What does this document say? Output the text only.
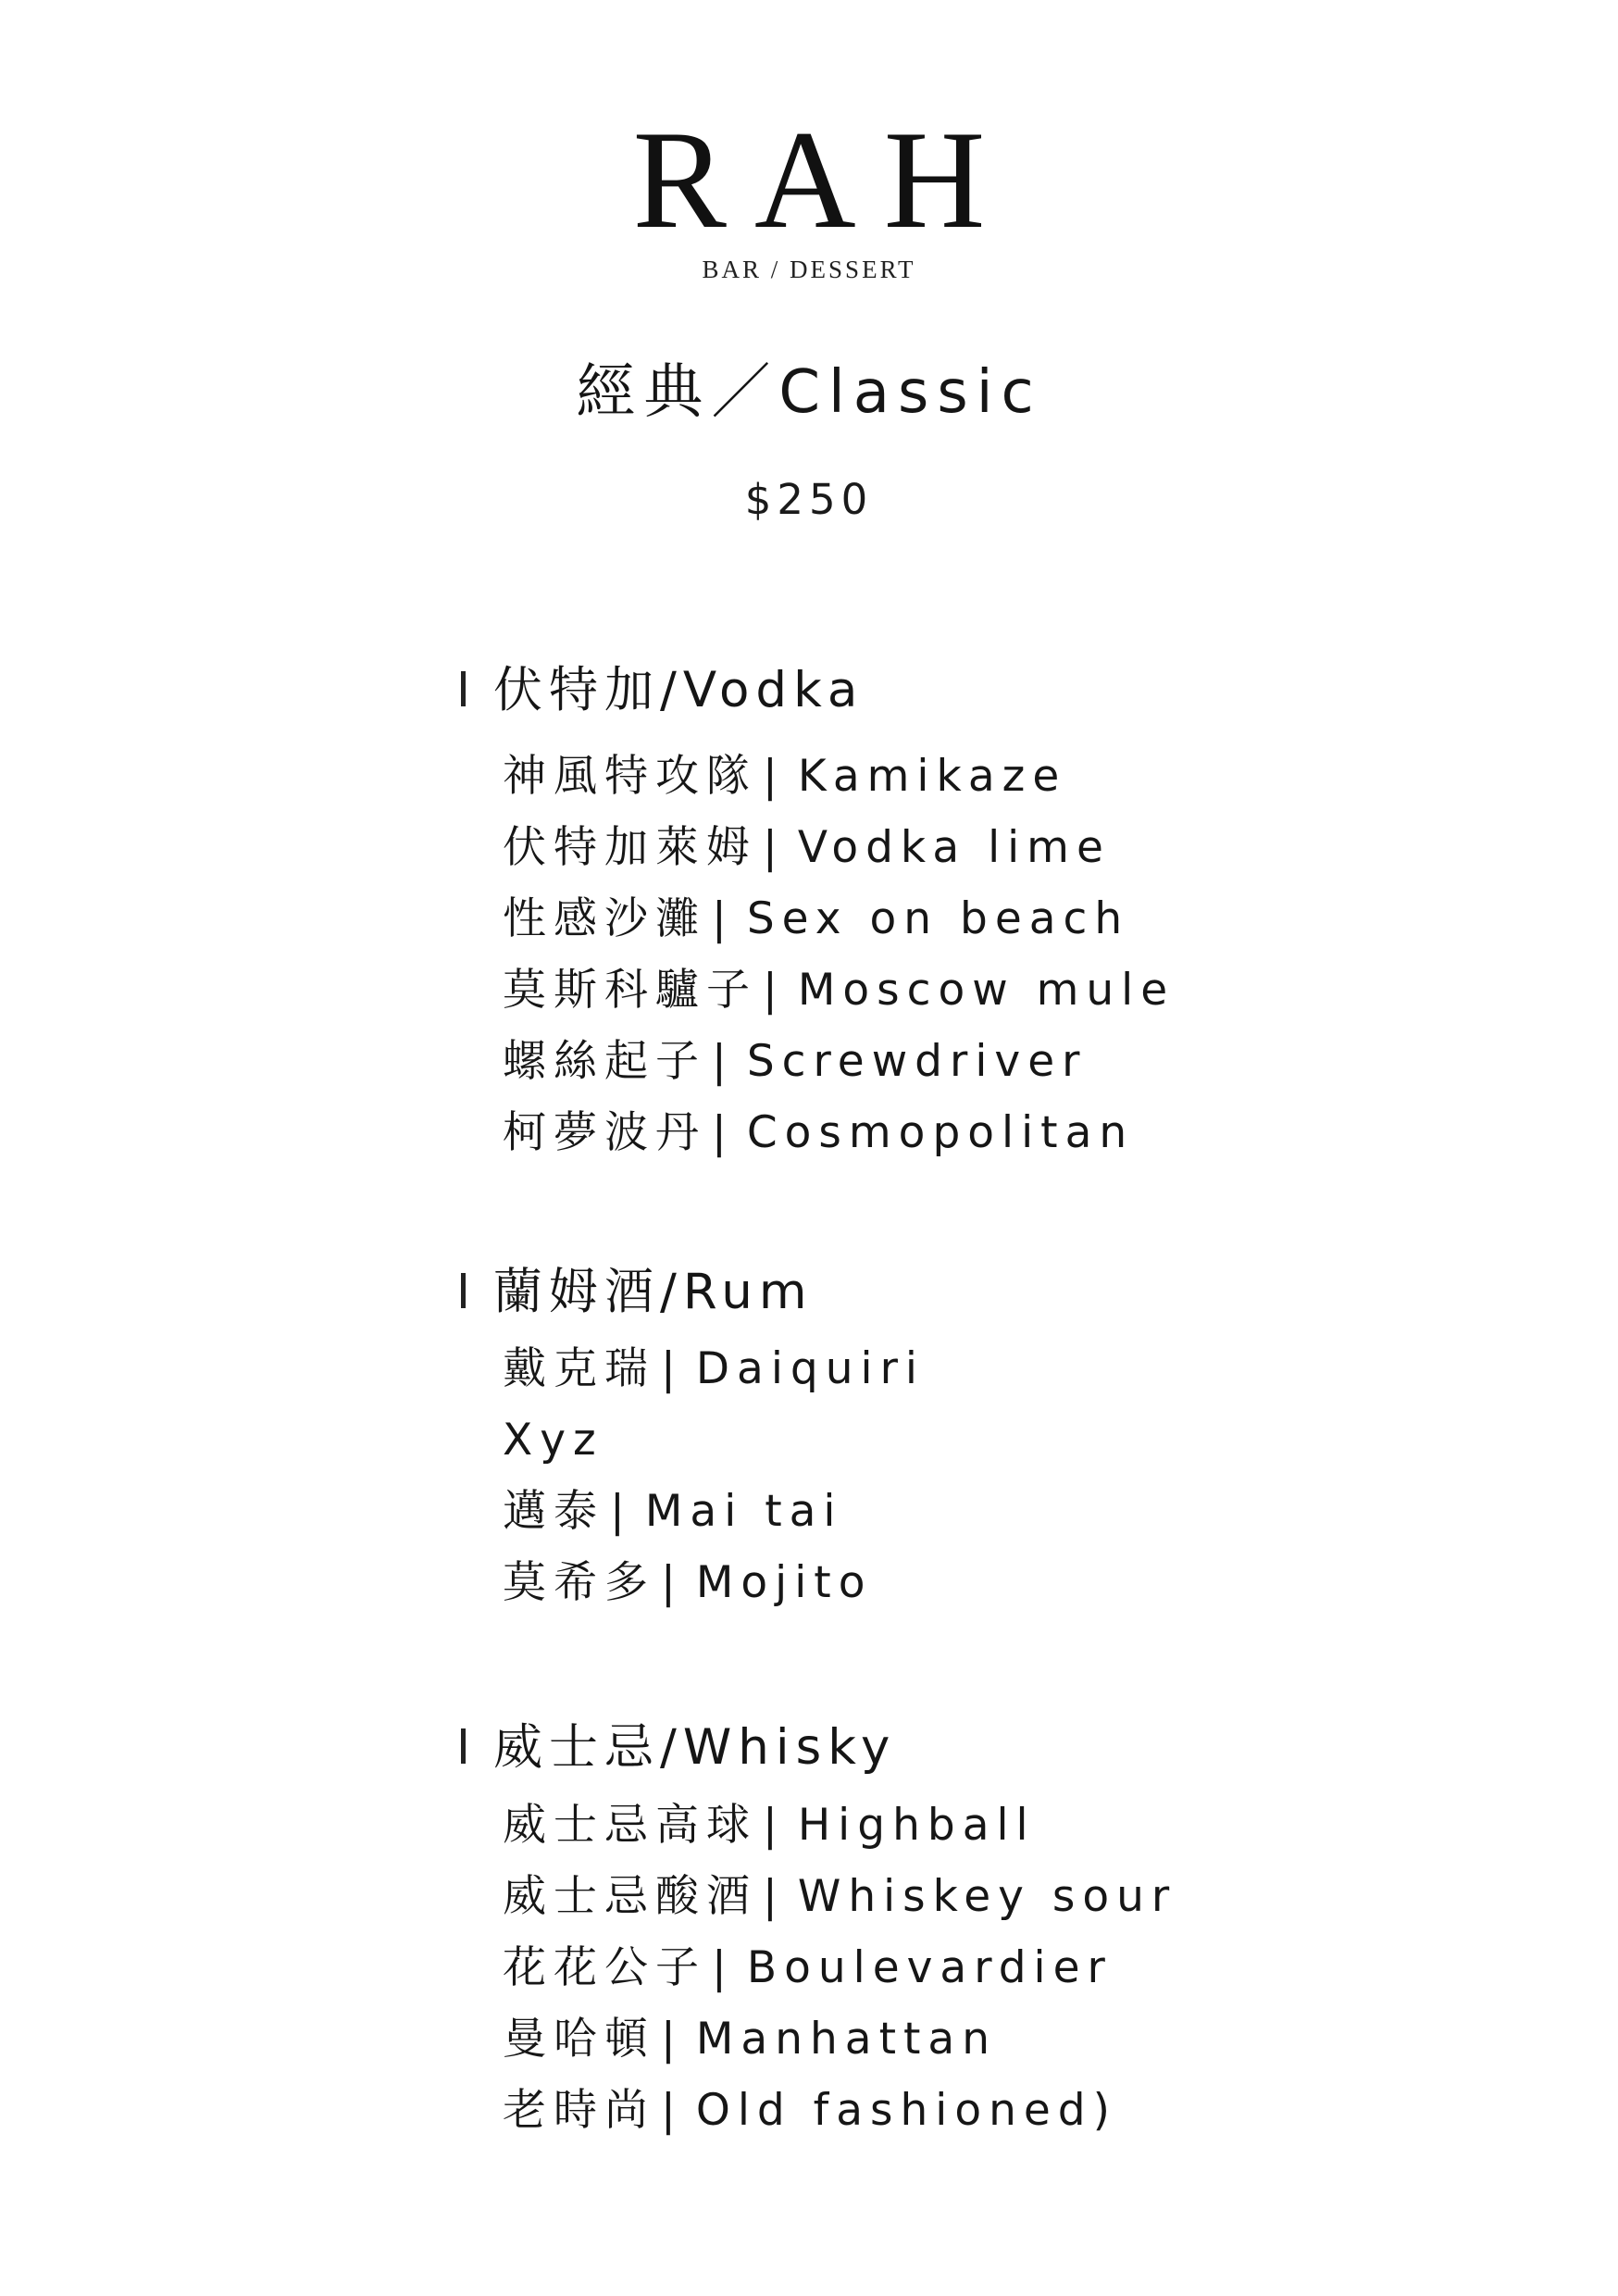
RAH
BAR / DESSERT
經典／Classic
$250
伏特加/Vodka
神風特攻隊 | Kamikaze
伏特加萊姆 | Vodka lime
性感沙灘 | Sex on beach
莫斯科驢子 | Moscow mule
螺絲起子 | Screwdriver
柯夢波丹 | Cosmopolitan
蘭姆酒/Rum
戴克瑞 | Daiquiri
Xyz
邁泰 | Mai tai
莫希多 | Mojito
威士忌/Whisky
威士忌高球 | Highball
威士忌酸酒 | Whiskey sour
花花公子 | Boulevardier
曼哈頓 | Manhattan
老時尚 | Old fashioned)
